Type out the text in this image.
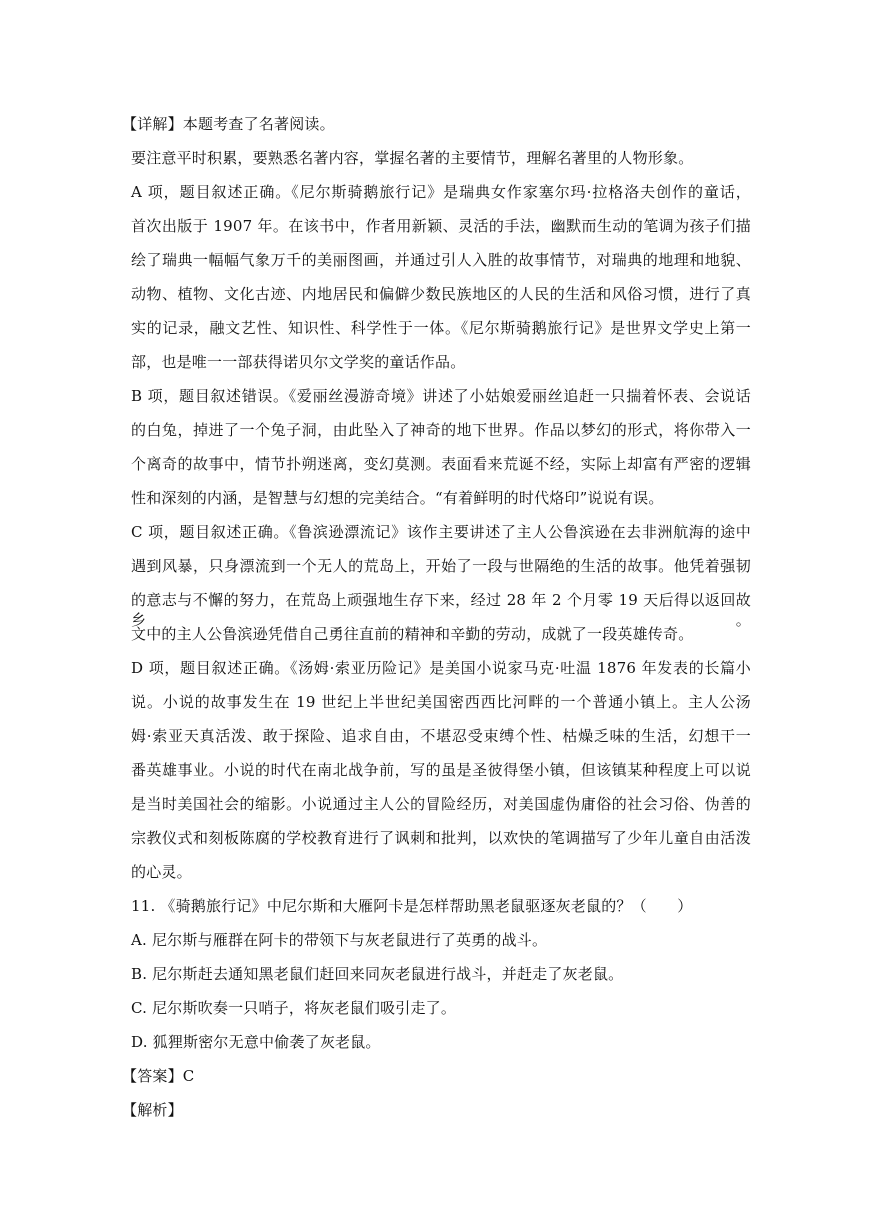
【详解】本题考查了名著阅读。
要注意平时积累，要熟悉名著内容，掌握名著的主要情节，理解名著里的人物形象。
A 项，题目叙述正确。《尼尔斯骑鹅旅行记》是瑞典女作家塞尔玛·拉格洛夫创作的童话，
首次出版于 1907 年。在该书中，作者用新颖、灵活的手法，幽默而生动的笔调为孩子们描
绘了瑞典一幅幅气象万千的美丽图画，并通过引人入胜的故事情节，对瑞典的地理和地貌、
动物、植物、文化古迹、内地居民和偏僻少数民族地区的人民的生活和风俗习惯，进行了真
实的记录，融文艺性、知识性、科学性于一体。《尼尔斯骑鹅旅行记》是世界文学史上第一
部，也是唯一一部获得诺贝尔文学奖的童话作品。
B 项，题目叙述错误。《爱丽丝漫游奇境》讲述了小姑娘爱丽丝追赶一只揣着怀表、会说话
的白兔，掉进了一个兔子洞，由此坠入了神奇的地下世界。作品以梦幻的形式，将你带入一
个离奇的故事中，情节扑朔迷离，变幻莫测。表面看来荒诞不经，实际上却富有严密的逻辑
性和深刻的内涵，是智慧与幻想的完美结合。“有着鲜明的时代烙印”说说有误。
C 项，题目叙述正确。《鲁滨逊漂流记》该作主要讲述了主人公鲁滨逊在去非洲航海的途中
遇到风暴，只身漂流到一个无人的荒岛上，开始了一段与世隔绝的生活的故事。他凭着强韧
的意志与不懈的努力，在荒岛上顽强地生存下来，经过 28 年 2 个月零 19 天后得以返回故乡。
文中的主人公鲁滨逊凭借自己勇往直前的精神和辛勤的劳动，成就了一段英雄传奇。
D 项，题目叙述正确。《汤姆·索亚历险记》是美国小说家马克·吐温 1876 年发表的长篇小
说。小说的故事发生在 19 世纪上半世纪美国密西西比河畔的一个普通小镇上。主人公汤
姆·索亚天真活泼、敢于探险、追求自由，不堪忍受束缚个性、枯燥乏味的生活，幻想干一
番英雄事业。小说的时代在南北战争前，写的虽是圣彼得堡小镇，但该镇某种程度上可以说
是当时美国社会的缩影。小说通过主人公的冒险经历，对美国虚伪庸俗的社会习俗、伪善的
宗教仪式和刻板陈腐的学校教育进行了讽刺和批判，以欢快的笔调描写了少年儿童自由活泼
的心灵。
11. 《骑鹅旅行记》中尼尔斯和大雁阿卡是怎样帮助黑老鼠驱逐灰老鼠的？（　　）
A. 尼尔斯与雁群在阿卡的带领下与灰老鼠进行了英勇的战斗。
B. 尼尔斯赶去通知黑老鼠们赶回来同灰老鼠进行战斗，并赶走了灰老鼠。
C. 尼尔斯吹奏一只哨子，将灰老鼠们吸引走了。
D. 狐狸斯密尔无意中偷袭了灰老鼠。
【答案】C
【解析】
